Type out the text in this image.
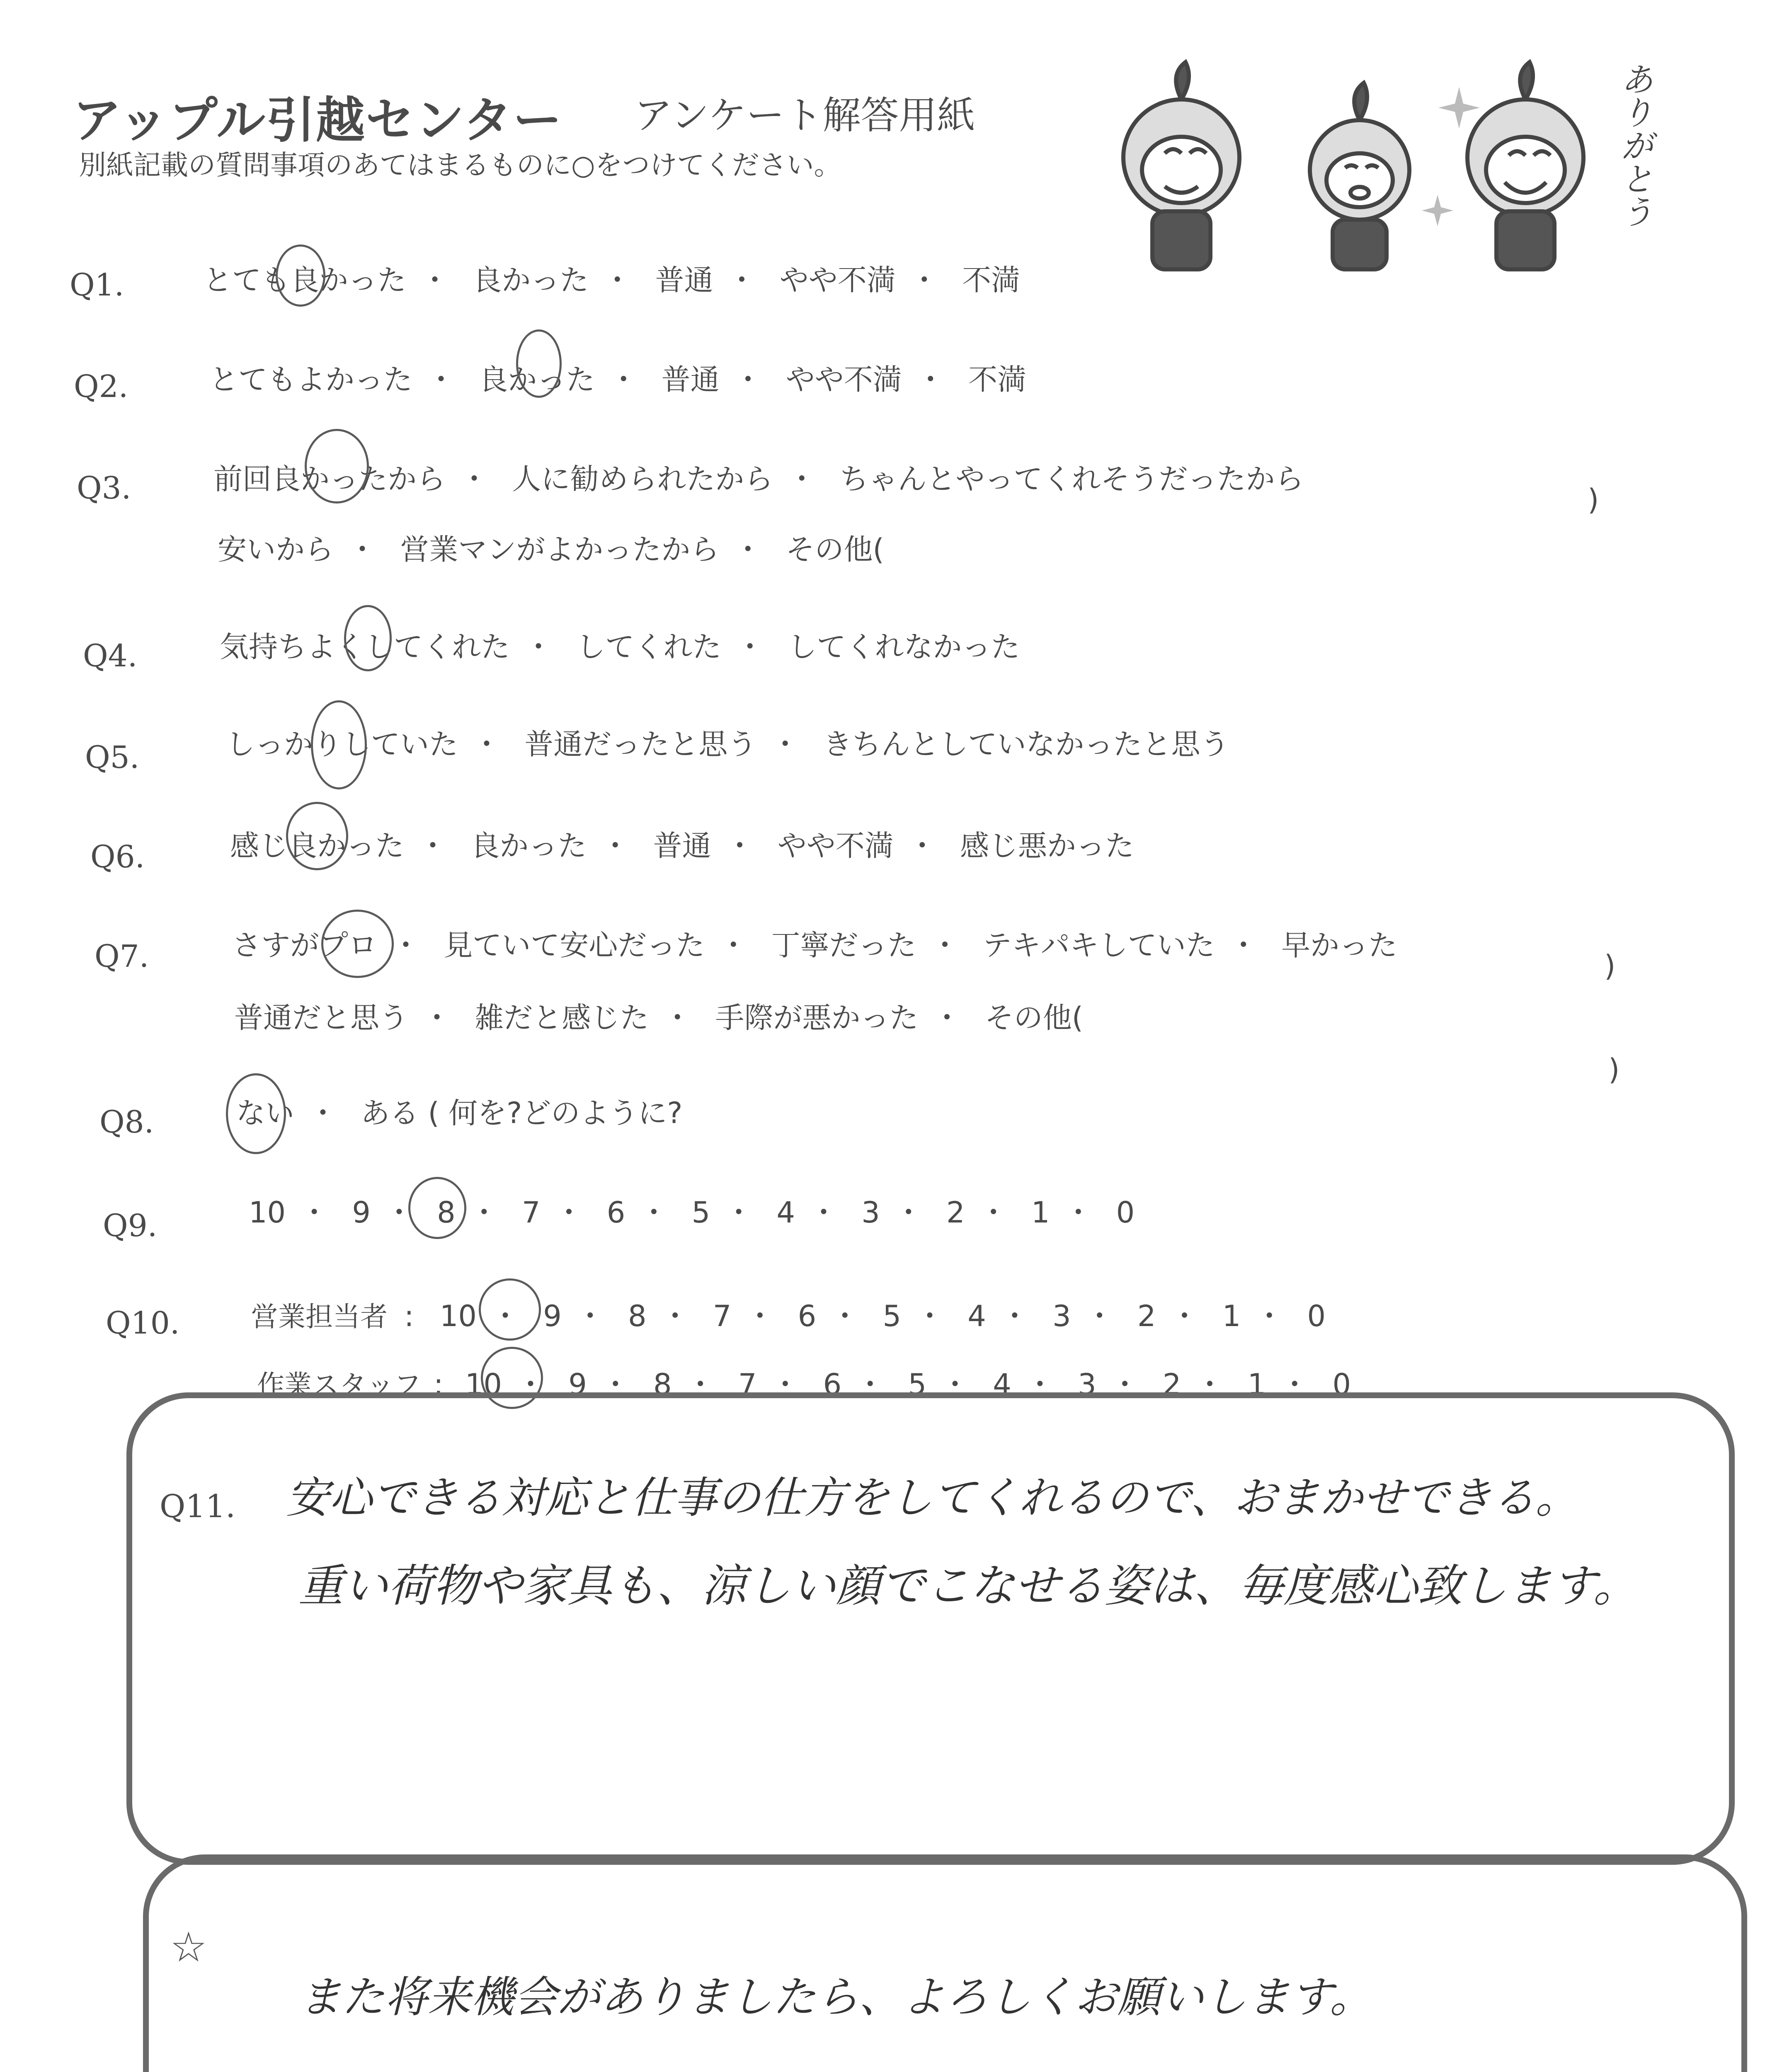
アップル引越センター アンケート解答用紙
別紙記載の質問事項のあてはまるものに○をつけてください。	ありがとう
Q1.	とても良かった ・ 良かった ・ 普通 ・ やや不満 ・ 不満
Q2.	とてもよかった ・ 良かった ・ 普通 ・ やや不満 ・ 不満
Q3.	前回良かったから ・ 人に勧められたから ・ ちゃんとやってくれそうだったから
安いから ・ 営業マンがよかったから ・ その他(
)
Q4.	気持ちよくしてくれた ・ してくれた ・ してくれなかった
Q5.	しっかりしていた ・ 普通だったと思う ・ きちんとしていなかったと思う
Q6.	感じ良かった ・ 良かった ・ 普通 ・ やや不満 ・ 感じ悪かった
Q7.	さすがプロ ・ 見ていて安心だった ・ 丁寧だった ・ テキパキしていた ・ 早かった
普通だと思う ・ 雑だと感じた ・ 手際が悪かった ・ その他(
)
Q8.	ない ・ ある ( 何を?どのように?
)
Q9.	10 ・ 9 ・ 8 ・ 7 ・ 6 ・ 5 ・ 4 ・ 3 ・ 2 ・ 1 ・ 0
Q10.	営業担当者 : 10 ・ 9 ・ 8 ・ 7 ・ 6 ・ 5 ・ 4 ・ 3 ・ 2 ・ 1 ・ 0
作業スタッフ : 10 ・ 9 ・ 8 ・ 7 ・ 6 ・ 5 ・ 4 ・ 3 ・ 2 ・ 1 ・ 0
Q11. 安心できる対応と仕事の仕方をしてくれるので、おまかせできる。
重い荷物や家具も、涼しい顔でこなせる姿は、毎度感心致します。
☆
また将来機会がありましたら、よろしくお願いします。
